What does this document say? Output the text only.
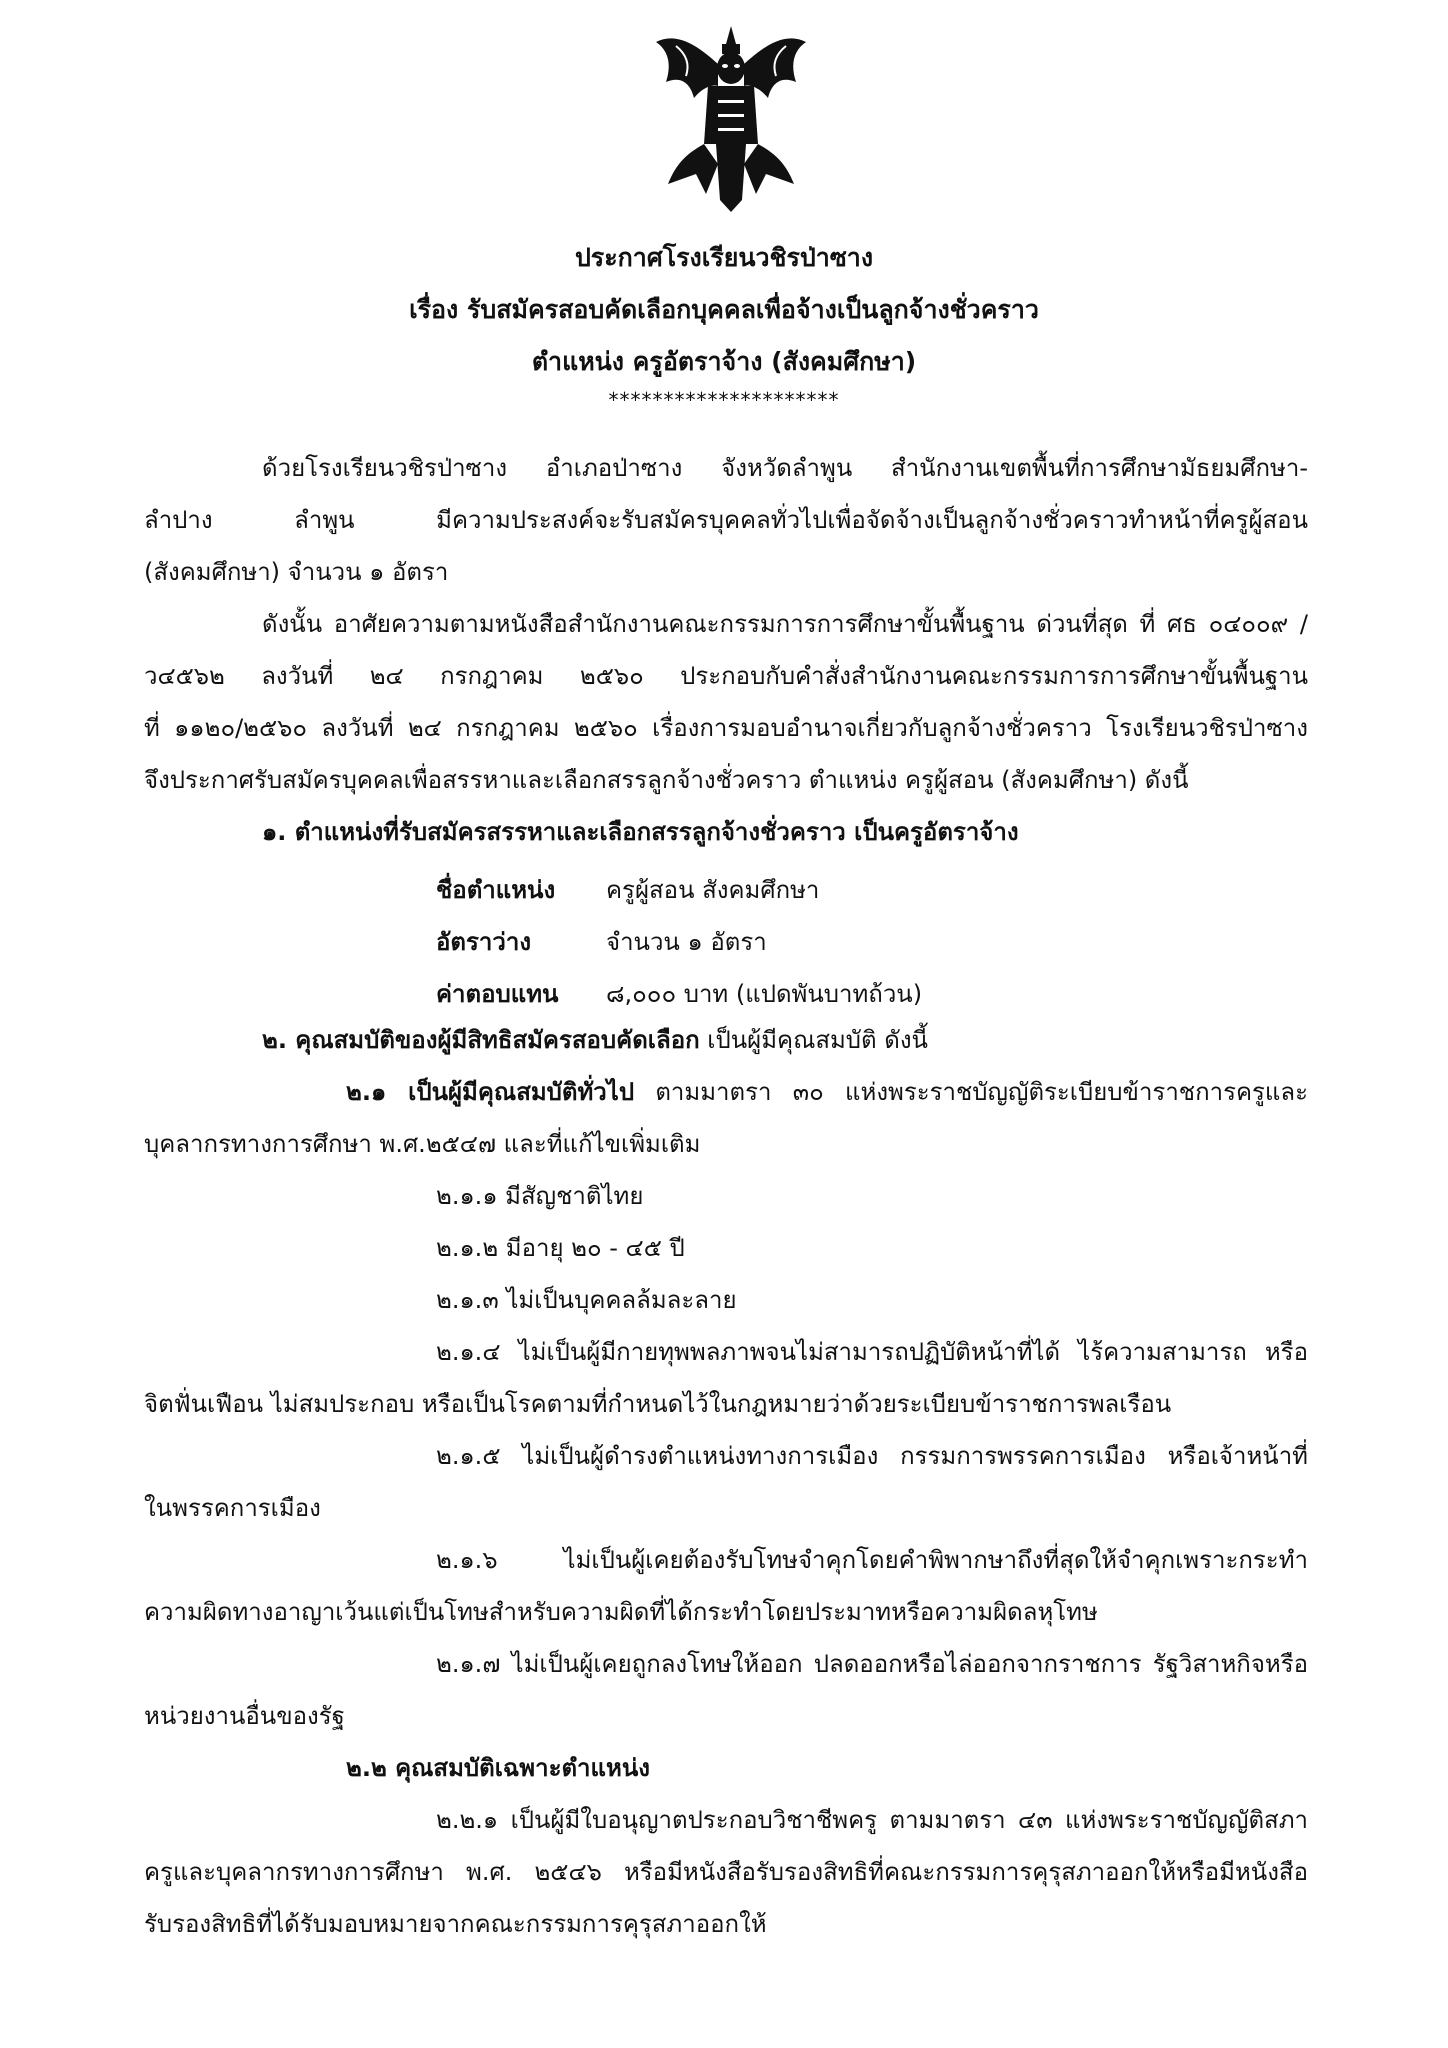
ประกาศโรงเรียนวชิรป่าซาง
เรื่อง รับสมัครสอบคัดเลือกบุคคลเพื่อจ้างเป็นลูกจ้างชั่วคราว
ตำแหน่ง ครูอัตราจ้าง (สังคมศึกษา)
*********************
ด้วยโรงเรียนวชิรป่าซาง อำเภอป่าซาง จังหวัดลำพูน สำนักงานเขตพื้นที่การศึกษามัธยมศึกษา-
ลำปาง ลำพูน มีความประสงค์จะรับสมัครบุคคลทั่วไปเพื่อจัดจ้างเป็นลูกจ้างชั่วคราวทำหน้าที่ครูผู้สอน
(สังคมศึกษา) จำนวน ๑ อัตรา
ดังนั้น อาศัยความตามหนังสือสำนักงานคณะกรรมการการศึกษาขั้นพื้นฐาน ด่วนที่สุด ที่ ศธ ๐๔๐๐๙ /
ว๔๕๖๒ ลงวันที่ ๒๔ กรกฎาคม ๒๕๖๐ ประกอบกับคำสั่งสำนักงานคณะกรรมการการศึกษาขั้นพื้นฐาน
ที่ ๑๑๒๐/๒๕๖๐ ลงวันที่ ๒๔ กรกฎาคม ๒๕๖๐ เรื่องการมอบอำนาจเกี่ยวกับลูกจ้างชั่วคราว โรงเรียนวชิรป่าซาง
จึงประกาศรับสมัครบุคคลเพื่อสรรหาและเลือกสรรลูกจ้างชั่วคราว ตำแหน่ง ครูผู้สอน (สังคมศึกษา) ดังนี้
๑. ตำแหน่งที่รับสมัครสรรหาและเลือกสรรลูกจ้างชั่วคราว เป็นครูอัตราจ้าง
ชื่อตำแหน่ง ครูผู้สอน สังคมศึกษา
อัตราว่าง	จำนวน ๑ อัตรา
ค่าตอบแทน ๘,๐๐๐ บาท (แปดพันบาทถ้วน)
๒. คุณสมบัติของผู้มีสิทธิสมัครสอบคัดเลือก เป็นผู้มีคุณสมบัติ ดังนี้
๒.๑ เป็นผู้มีคุณสมบัติทั่วไป ตามมาตรา ๓๐ แห่งพระราชบัญญัติระเบียบข้าราชการครูและ
บุคลากรทางการศึกษา พ.ศ.๒๕๔๗ และที่แก้ไขเพิ่มเติม
๒.๑.๑ มีสัญชาติไทย
๒.๑.๒ มีอายุ ๒๐ - ๔๕ ปี
๒.๑.๓ ไม่เป็นบุคคลล้มละลาย
๒.๑.๔ ไม่เป็นผู้มีกายทุพพลภาพจนไม่สามารถปฏิบัติหน้าที่ได้ ไร้ความสามารถ หรือ
จิตฟั่นเฟือน ไม่สมประกอบ หรือเป็นโรคตามที่กำหนดไว้ในกฎหมายว่าด้วยระเบียบข้าราชการพลเรือน
๒.๑.๕ ไม่เป็นผู้ดำรงตำแหน่งทางการเมือง กรรมการพรรคการเมือง หรือเจ้าหน้าที่
ในพรรคการเมือง
๒.๑.๖ ไม่เป็นผู้เคยต้องรับโทษจำคุกโดยคำพิพากษาถึงที่สุดให้จำคุกเพราะกระทำ
ความผิดทางอาญาเว้นแต่เป็นโทษสำหรับความผิดที่ได้กระทำโดยประมาทหรือความผิดลหุโทษ
๒.๑.๗ ไม่เป็นผู้เคยถูกลงโทษให้ออก ปลดออกหรือไล่ออกจากราชการ รัฐวิสาหกิจหรือ
หน่วยงานอื่นของรัฐ
๒.๒ คุณสมบัติเฉพาะตำแหน่ง
๒.๒.๑ เป็นผู้มีใบอนุญาตประกอบวิชาชีพครู ตามมาตรา ๔๓ แห่งพระราชบัญญัติสภา
ครูและบุคลากรทางการศึกษา พ.ศ. ๒๕๔๖ หรือมีหนังสือรับรองสิทธิที่คณะกรรมการคุรุสภาออกให้หรือมีหนังสือ
รับรองสิทธิที่ได้รับมอบหมายจากคณะกรรมการคุรุสภาออกให้
